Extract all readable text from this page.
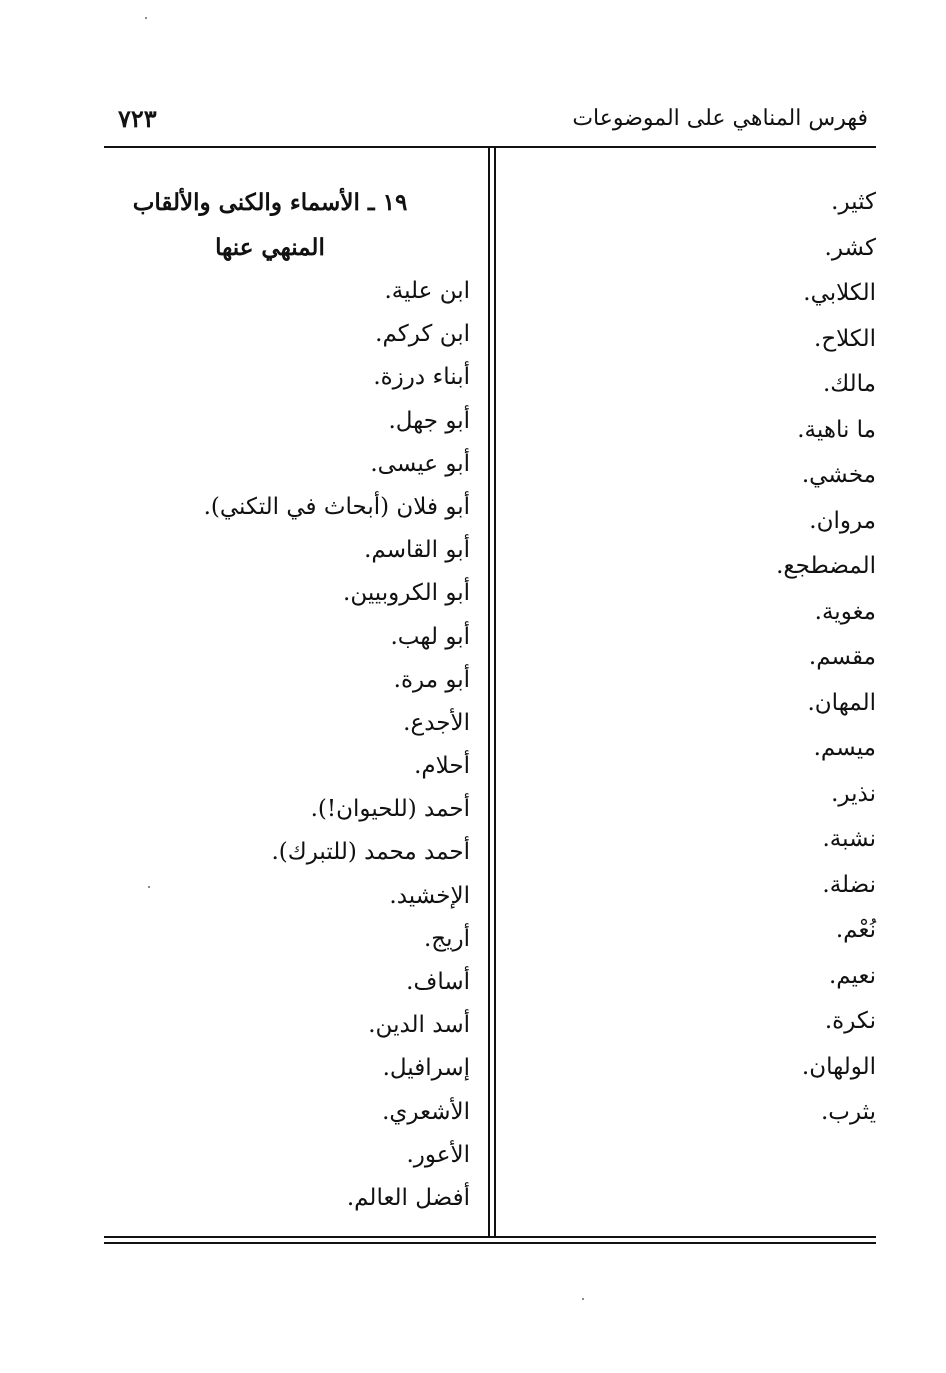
فهرس المناهي على الموضوعات
٧٢٣
كثير.
كشر.
الكلابي.
الكلاح.
مالك.
ما ناهية.
مخشي.
مروان.
المضطجع.
مغوية.
مقسم.
المهان.
ميسم.
نذير.
نشبة.
نضلة.
نُعْم.
نعيم.
نكرة.
الولهان.
يثرب.
١٩ ـ الأسماء والكنى والألقاب
المنهي عنها
ابن علية.
ابن كركم.
أبناء درزة.
أبو جهل.
أبو عيسى.
أبو فلان (أبحاث في التكني).
أبو القاسم.
أبو الكروبيين.
أبو لهب.
أبو مرة.
الأجدع.
أحلام.
أحمد (للحيوان!).
أحمد محمد (للتبرك).
الإخشيد.
أريج.
أساف.
أسد الدين.
إسرافيل.
الأشعري.
الأعور.
أفضل العالم.
